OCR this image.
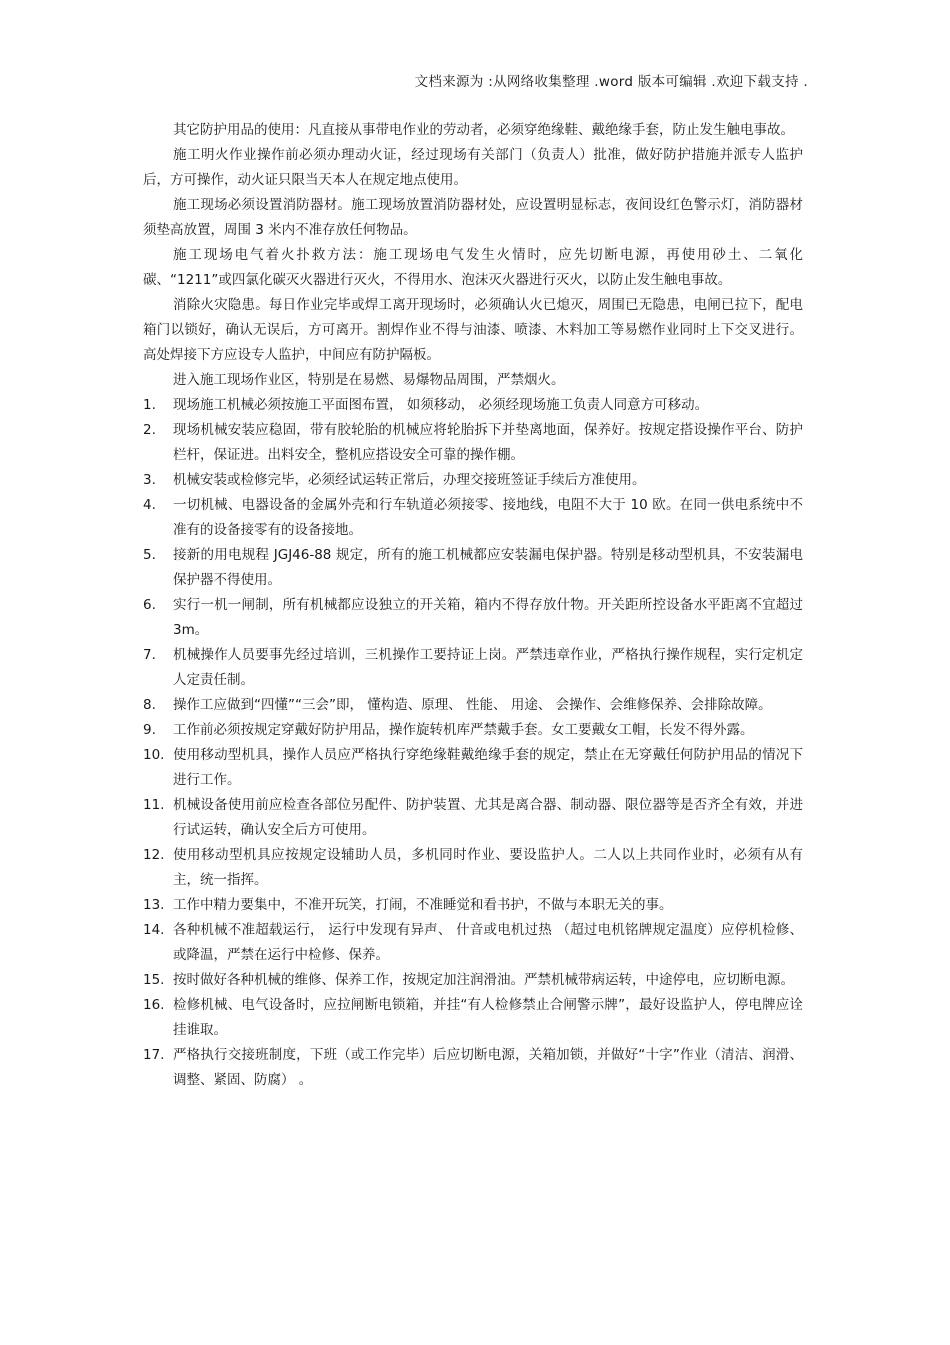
文档来源为 :从网络收集整理 .word 版本可编辑 .欢迎下载支持 .

其它防护用品的使用：凡直接从事带电作业的劳动者，必须穿绝缘鞋、戴绝缘手套，防止发生触电事故。

施工明火作业操作前必须办理动火证，经过现场有关部门（负责人）批准，做好防护措施并派专人监护后，方可操作，动火证只限当天本人在规定地点使用。

施工现场必须设置消防器材。施工现场放置消防器材处，应设置明显标志，夜间设红色警示灯，消防器材须垫高放置，周围 3 米内不准存放任何物品。

施工现场电气着火扑救方法：施工现场电气发生火情时，应先切断电源，再使用砂土、二氧化碳、“1211”或四氯化碳灭火器进行灭火，不得用水、泡沫灭火器进行灭火，以防止发生触电事故。

消除火灾隐患。每日作业完毕或焊工离开现场时，必须确认火已熄灭，周围已无隐患，电闸已拉下，配电箱门以锁好，确认无误后，方可离开。割焊作业不得与油漆、喷漆、木料加工等易燃作业同时上下交叉进行。高处焊接下方应设专人监护，中间应有防护隔板。

进入施工现场作业区，特别是在易燃、易爆物品周围，严禁烟火。

1.	现场施工机械必须按施工平面图布置， 如须移动， 必须经现场施工负责人同意方可移动。
2.	现场机械安装应稳固，带有胶轮胎的机械应将轮胎拆下并垫离地面，保养好。按规定搭设操作平台、防护栏杆，保证进。出料安全，整机应搭设安全可靠的操作棚。
3.	机械安装或检修完毕，必须经试运转正常后，办理交接班签证手续后方准使用。
4.	一切机械、电器设备的金属外壳和行车轨道必须接零、接地线，电阻不大于 10 欧。在同一供电系统中不准有的设备接零有的设备接地。
5.	接新的用电规程 JGJ46-88 规定，所有的施工机械都应安装漏电保护器。特别是移动型机具，不安装漏电保护器不得使用。
6.	实行一机一闸制，所有机械都应设独立的开关箱，箱内不得存放什物。开关距所控设备水平距离不宜超过 3m。
7.	机械操作人员要事先经过培训，三机操作工要持证上岗。严禁违章作业，严格执行操作规程，实行定机定人定责任制。
8.	操作工应做到“四懂”“三会”即， 懂构造、原理、 性能、 用途、 会操作、会维修保养、会排除故障。
9.	工作前必须按规定穿戴好防护用品，操作旋转机库严禁戴手套。女工要戴女工帽，长发不得外露。
10. 使用移动型机具，操作人员应严格执行穿绝缘鞋戴绝缘手套的规定，禁止在无穿戴任何防护用品的情况下进行工作。
11. 机械设备使用前应检查各部位另配件、防护装置、尤其是离合器、制动器、限位器等是否齐全有效，并进行试运转，确认安全后方可使用。
12. 使用移动型机具应按规定设辅助人员，多机同时作业、要设监护人。二人以上共同作业时，必须有从有主，统一指挥。
13. 工作中精力要集中，不准开玩笑，打闹，不准睡觉和看书护，不做与本职无关的事。
14. 各种机械不准超载运行， 运行中发现有异声、 什音或电机过热 （超过电机铭牌规定温度）应停机检修、或降温，严禁在运行中检修、保养。
15. 按时做好各种机械的维修、保养工作，按规定加注润滑油。严禁机械带病运转，中途停电，应切断电源。
16. 检修机械、电气设备时，应拉闸断电锁箱，并挂“有人检修禁止合闸警示牌”，最好设监护人，停电牌应诠挂谁取。
17. 严格执行交接班制度，下班（或工作完毕）后应切断电源，关箱加锁，并做好“十字”作业（清洁、润滑、调整、紧固、防腐） 。
